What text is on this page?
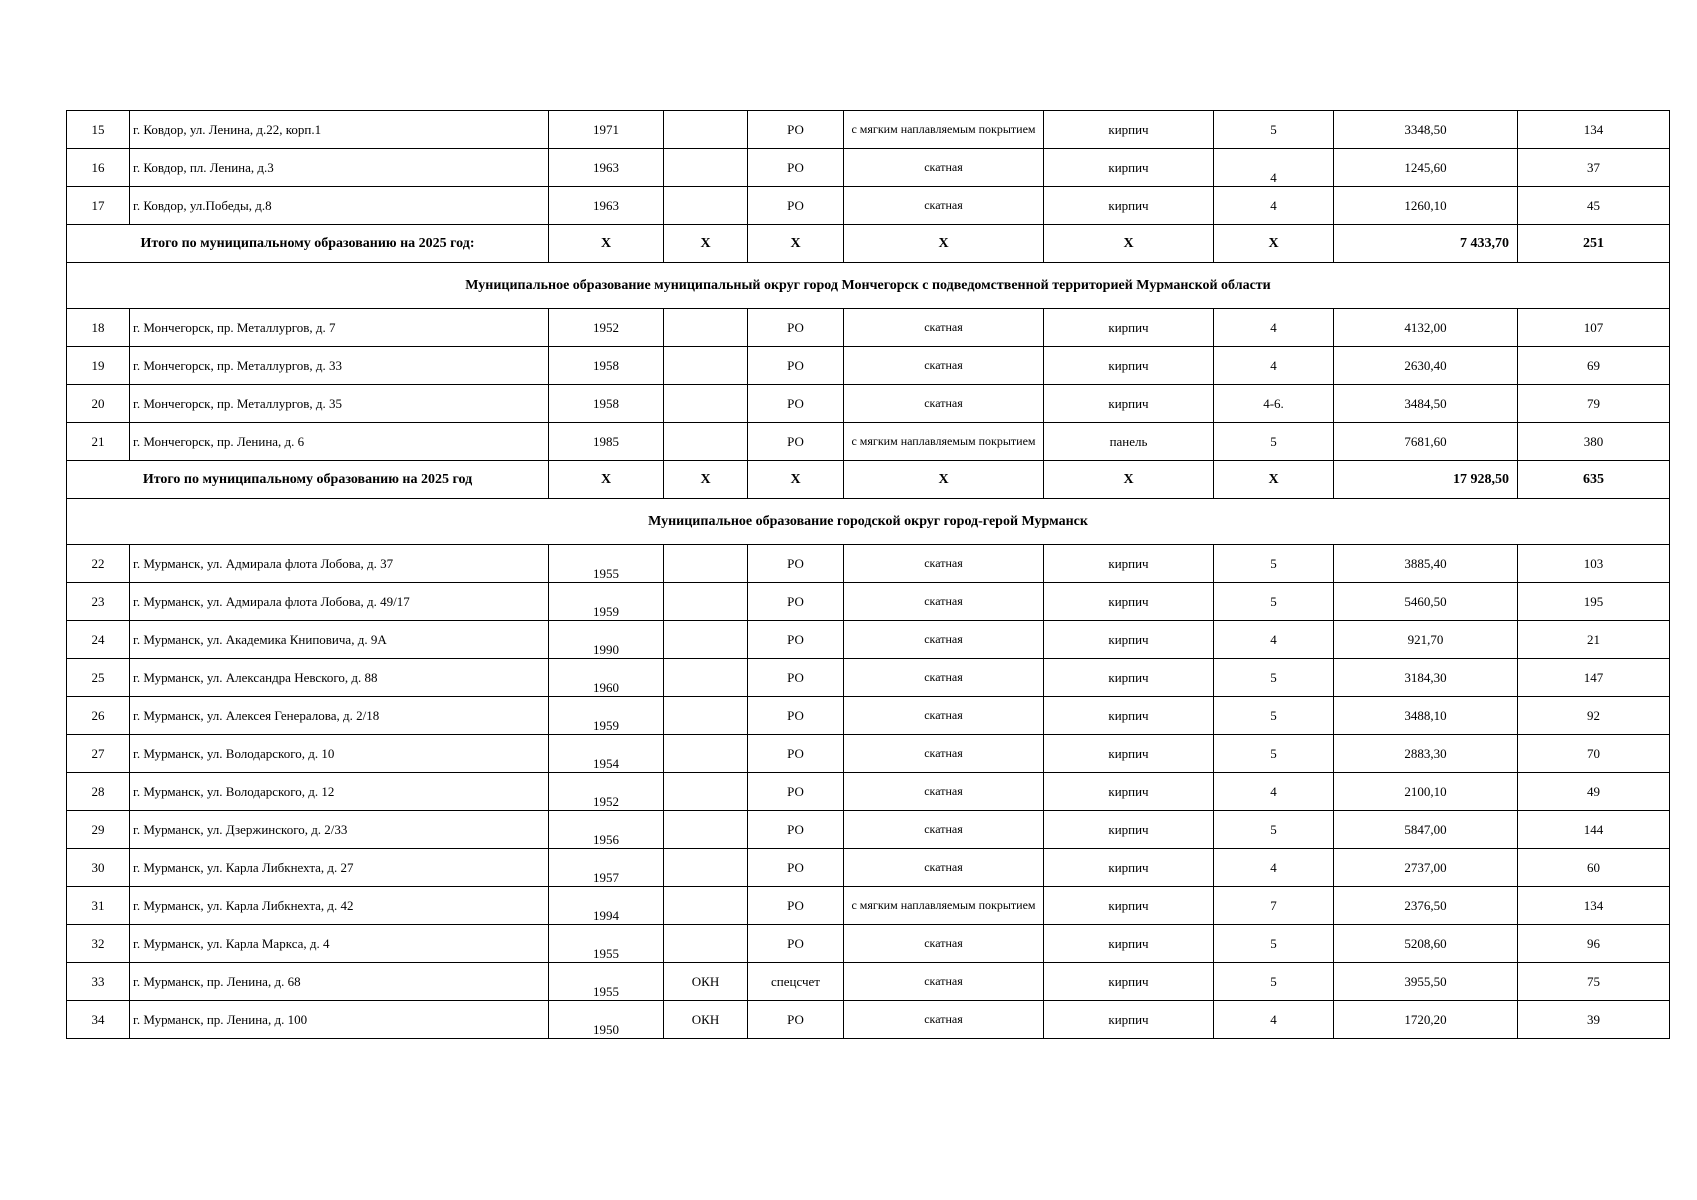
15	г. Ковдор, ул. Ленина, д.22, корп.1	1971		РО	с мягким наплавляемым покрытием	кирпич	5	3348,50	134
16	г. Ковдор, пл. Ленина, д.3	1963		РО	скатная	кирпич	4	1245,60	37
17	г. Ковдор, ул.Победы, д.8	1963		РО	скатная	кирпич	4	1260,10	45
Итого по муниципальному образованию на 2025 год:		X	X	X	X	X	X	7 433,70	251
Муниципальное образование муниципальный округ город Мончегорск с подведомственной территорией Мурманской области									
18	г. Мончегорск, пр. Металлургов, д. 7	1952		РО	скатная	кирпич	4	4132,00	107
19	г. Мончегорск, пр. Металлургов, д. 33	1958		РО	скатная	кирпич	4	2630,40	69
20	г. Мончегорск, пр. Металлургов, д. 35	1958		РО	скатная	кирпич	4-6.	3484,50	79
21	г. Мончегорск, пр. Ленина, д. 6	1985		РО	с мягким наплавляемым покрытием	панель	5	7681,60	380
Итого по муниципальному образованию на 2025 год		X	X	X	X	X	X	17 928,50	635
Муниципальное образование городской округ город-герой Мурманск									
22	г. Мурманск, ул. Адмирала флота Лобова, д. 37	1955		РО	скатная	кирпич	5	3885,40	103
23	г. Мурманск, ул. Адмирала флота Лобова, д. 49/17	1959		РО	скатная	кирпич	5	5460,50	195
24	г. Мурманск, ул. Академика Книповича, д. 9А	1990		РО	скатная	кирпич	4	921,70	21
25	г. Мурманск, ул. Александра Невского, д. 88	1960		РО	скатная	кирпич	5	3184,30	147
26	г. Мурманск, ул. Алексея Генералова, д. 2/18	1959		РО	скатная	кирпич	5	3488,10	92
27	г. Мурманск, ул. Володарского, д. 10	1954		РО	скатная	кирпич	5	2883,30	70
28	г. Мурманск, ул. Володарского, д. 12	1952		РО	скатная	кирпич	4	2100,10	49
29	г. Мурманск, ул. Дзержинского, д. 2/33	1956		РО	скатная	кирпич	5	5847,00	144
30	г. Мурманск, ул. Карла Либкнехта, д. 27	1957		РО	скатная	кирпич	4	2737,00	60
31	г. Мурманск, ул. Карла Либкнехта, д. 42	1994		РО	с мягким наплавляемым покрытием	кирпич	7	2376,50	134
32	г. Мурманск, ул. Карла Маркса, д. 4	1955		РО	скатная	кирпич	5	5208,60	96
33	г. Мурманск, пр. Ленина, д. 68	1955	ОКН	спецсчет	скатная	кирпич	5	3955,50	75
34	г. Мурманск, пр. Ленина, д. 100	1950	ОКН	РО	скатная	кирпич	4	1720,20	39
